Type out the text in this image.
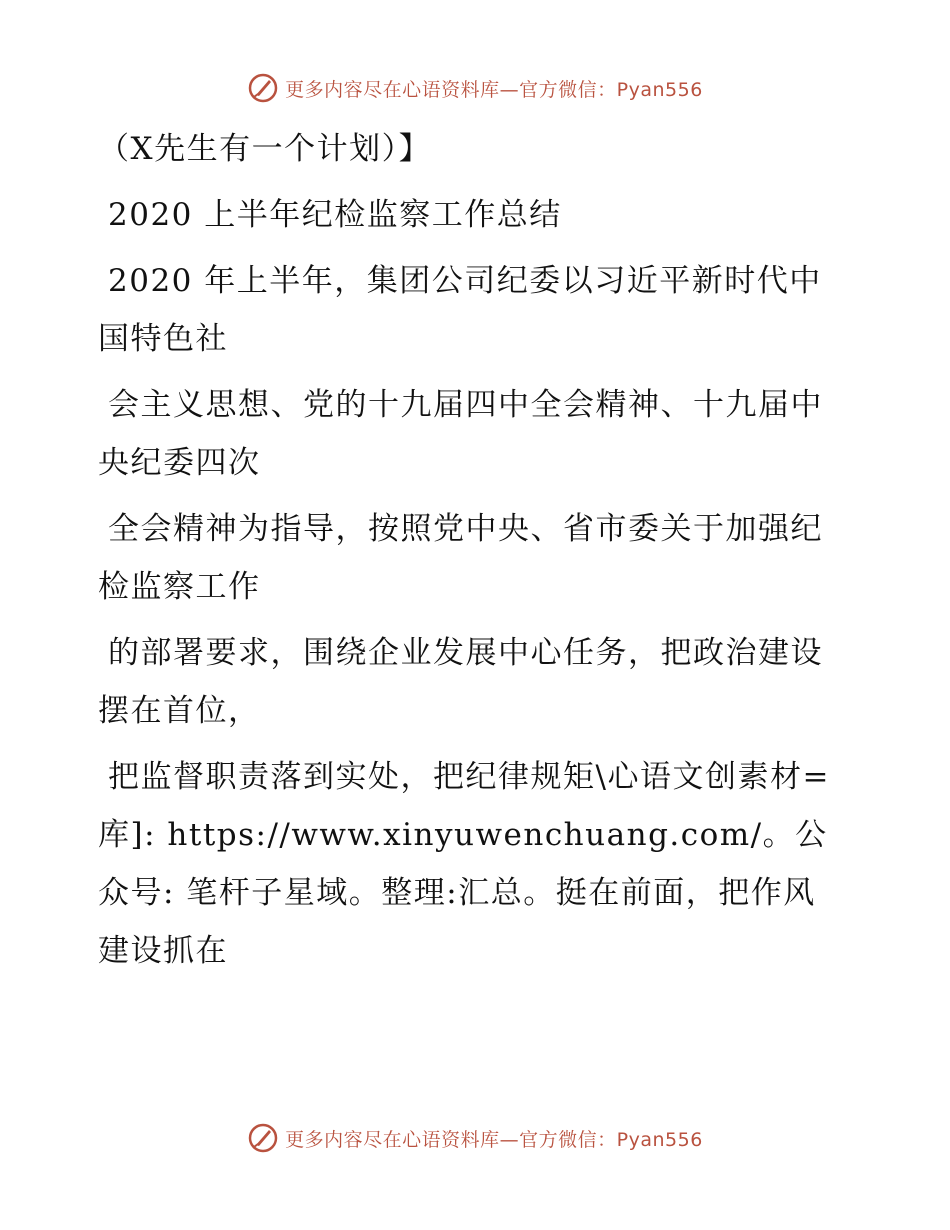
更多内容尽在心语资料库—官方微信：Pyan556

（X先生有一个计划）】

2020 上半年纪检监察工作总结

2020 年上半年，集团公司纪委以习近平新时代中国特色社

会主义思想、党的十九届四中全会精神、十九届中央纪委四次

全会精神为指导，按照党中央、省市委关于加强纪检监察工作

的部署要求，围绕企业发展中心任务，把政治建设摆在首位，

把监督职责落到实处，把纪律规矩\心语文创素材=库]: https://www.xinyuwenchuang.com/。公众号: 笔杆子星域。整理:汇总。挺在前面，把作风建设抓在

更多内容尽在心语资料库—官方微信：Pyan556
